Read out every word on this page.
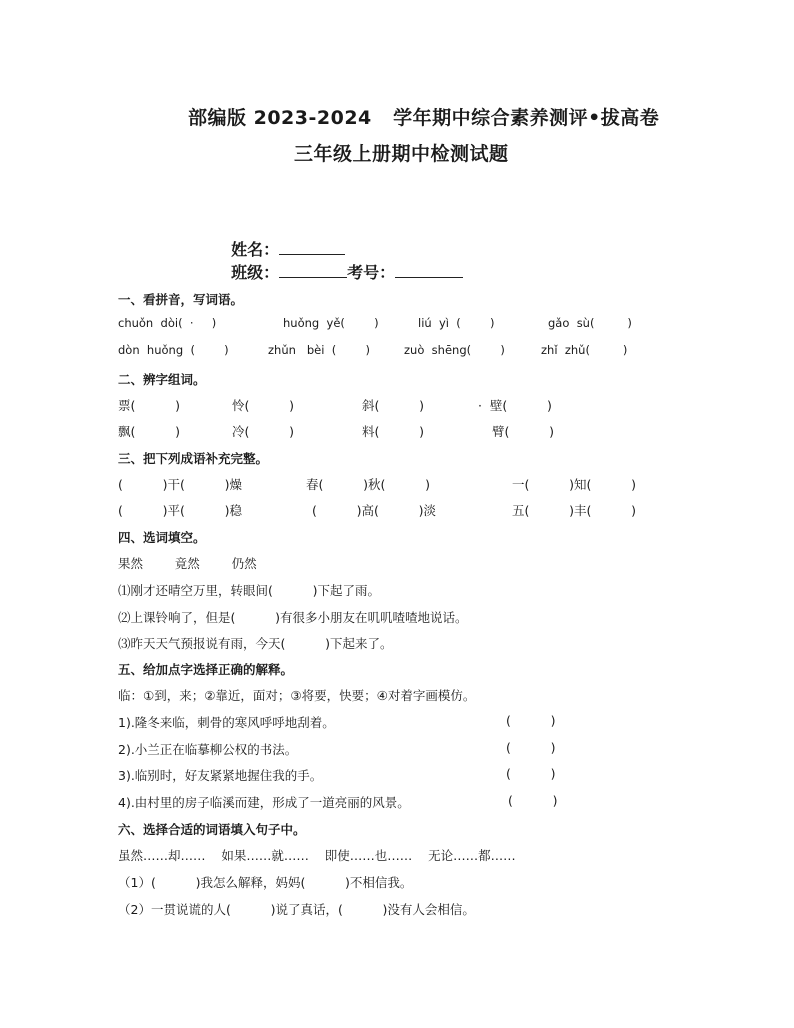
部编版 2023-2024   学年期中综合素养测评•拔高卷
三年级上册期中检测试题

姓名：
班级：	考号：

一、看拼音，写词语。
chuǒn  dòi(  ·     )	huǒng  yě(        )	liú  yì  (        )	gǎo  sù(         )
dòn  huǒng  (        )	zhǔn   bèi  (        )	zuò  shēng(        )	zhǐ  zhǔ(         )
二、辨字组词。
票(          )	怜(          )	斜(          )	·  壁(          )
飘(          )	冷(          )	料(          )	臂(          )
三、把下列成语补充完整。
(          )干(          )燥	春(          )秋(          )	一(          )知(          )
(          )平(          )稳	(          )高(          )淡	五(          )丰(          )
四、选词填空。
果然        竟然        仍然
⑴刚才还晴空万里，转眼间(          )下起了雨。
⑵上课铃响了，但是(          )有很多小朋友在叽叽喳喳地说话。
⑶昨天天气预报说有雨，今天(          )下起来了。
五、给加点字选择正确的解释。
临：①到，来；②靠近，面对；③将要，快要；④对着字画模仿。
1).隆冬来临，刺骨的寒风呼呼地刮着。	(          )
2).小兰正在临摹柳公权的书法。	(          )
3).临别时，好友紧紧地握住我的手。	(          )
4).由村里的房子临溪而建，形成了一道亮丽的风景。	(          )
六、选择合适的词语填入句子中。
虽然……却……    如果……就……    即使……也……    无论……都……
（1）(          )我怎么解释，妈妈(          )不相信我。
（2）一贯说谎的人(          )说了真话，(          )没有人会相信。
